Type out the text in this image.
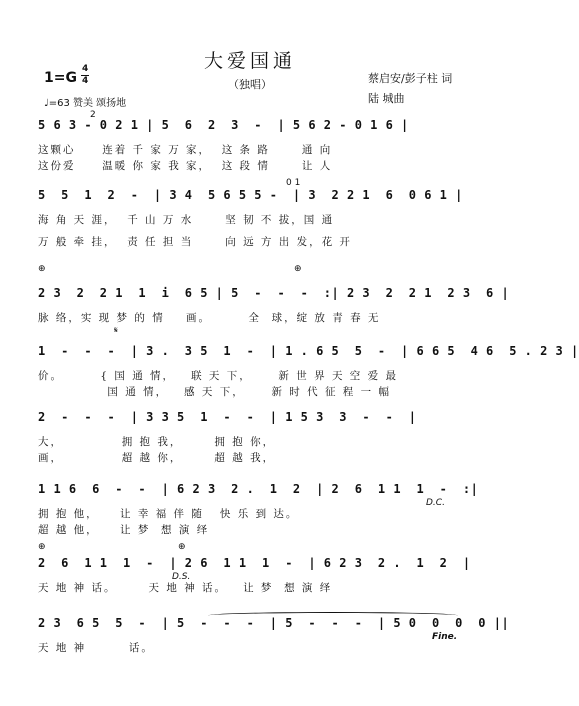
大爱国通
（独唱）
1=G
4
4
♩=63 赞美 颂扬地
蔡启安/彭子柱 词
陆 城曲
2
5 6 3 - 0 2 1 | 5  6  2  3  -  | 5 6 2 - 0 1 6 |
这颗心     连着 千 家 万 家，  这 条 路      通 向
这份爱     温暖 你 家 我 家，  这 段 情      让 人
0 1
5  5  1  2  -  | 3 4  5 6 5 5 -  | 3  2 2 1  6  0 6 1 |
海 角 天 涯，  千 山 万 水      坚 韧 不 拔，国 通
万 般 牵 挂，  责 任 担 当      向 远 方 出 发，花 开
⊕	⊕
2 3  2  2 1  1  i  6 5 | 5  -  -  -  :| 2 3  2  2 1  2 3  6 |
脉 络，实 现 梦 的 情    画。       全  球，绽 放 青 春 无
𝄋
1  -  -  -  | 3 .  3 5  1  -  | 1 . 6 5  5  -  | 6 6 5  4 6  5 . 2 3 |
价。       { 国 通 情，   联 天 下，     新 世 界 天 空 爱 最
国 通 情，   感 天 下，     新 时 代 征 程 一 幅
2  -  -  -  | 3 3 5  1  -  -  | 1 5 3  3  -  -  |
大，           拥 抱 我，      拥 抱 你，
画，           超 越 你，      超 越 我，
1 1 6  6  -  -  | 6 2 3  2 .  1  2  | 2  6  1 1  1  -  :|
D.C.
拥 抱 他，    让 幸 福 伴 随   快 乐 到 达。
超 越 他，    让 梦  想 演 绎
⊕	⊕
2  6  1 1  1  -  | 2 6  1 1  1  -  | 6 2 3  2 .  1  2  |
D.S.
天 地 神 话。      天 地 神 话。   让 梦  想 演 绎
2 3  6 5  5  -  | 5  -  -  -  | 5  -  -  -  | 5 0  0  0  0 ||
Fine.
天 地 神        话。
